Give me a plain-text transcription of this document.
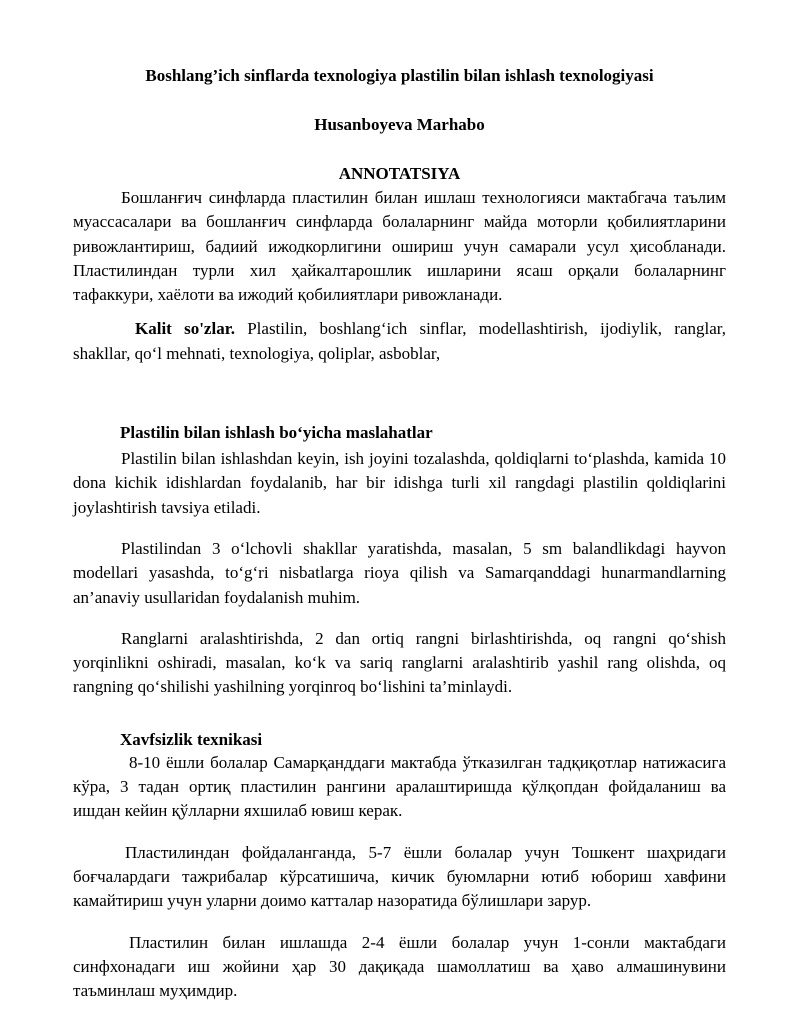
Boshlang’ich sinflarda texnologiya plastilin bilan ishlash texnologiyasi
Husanboyeva Marhabo
ANNOTATSIYA

Бошланғич синфларда пластилин билан ишлаш технологияси мактабгача таълим муассасалари ва бошланғич синфларда болаларнинг майда моторли қобилиятларини ривожлантириш, бадиий ижодкорлигини ошириш учун самарали усул ҳисобланади. Пластилиндан турли хил ҳайкалтарошлик ишларини ясаш орқали болаларнинг тафаккури, хаёлоти ва ижодий қобилиятлари ривожланади.

Kalit so'zlar. Plastilin, boshlang‘ich sinflar, modellashtirish, ijodiylik, ranglar, shakllar, qo‘l mehnati, texnologiya, qoliplar, asboblar,

Plastilin bilan ishlash bo‘yicha maslahatlar

Plastilin bilan ishlashdan keyin, ish joyini tozalashda, qoldiqlarni to‘plashda, kamida 10 dona kichik idishlardan foydalanib, har bir idishga turli xil rangdagi plastilin qoldiqlarini joylashtirish tavsiya etiladi.

Plastilindan 3 o‘lchovli shakllar yaratishda, masalan, 5 sm balandlikdagi hayvon modellari yasashda, to‘g‘ri nisbatlarga rioya qilish va Samarqanddagi hunarmandlarning an’anaviy usullaridan foydalanish muhim.

Ranglarni aralashtirishda, 2 dan ortiq rangni birlashtirishda, oq rangni qo‘shish yorqinlikni oshiradi, masalan, ko‘k va sariq ranglarni aralashtirib yashil rang olishda, oq rangning qo‘shilishi yashilning yorqinroq bo‘lishini ta’minlaydi.

Xavfsizlik texnikasi

8-10 ёшли болалар Самарқанддаги мактабда ўтказилган тадқиқотлар натижасига кўра, 3 тадан ортиқ пластилин рангини аралаштиришда қўлқопдан фойдаланиш ва ишдан кейин қўлларни яхшилаб ювиш керак.

Пластилиндан фойдаланганда, 5-7 ёшли болалар учун Тошкент шаҳридаги боғчалардаги тажрибалар кўрсатишича, кичик буюмларни ютиб юбориш хавфини камайтириш учун уларни доимо катталар назоратида бўлишлари зарур.

Пластилин билан ишлашда 2-4 ёшли болалар учун 1-сонли мактабдаги синфхонадаги иш жойини ҳар 30 дақиқада шамоллатиш ва ҳаво алмашинувини таъминлаш муҳимдир.
